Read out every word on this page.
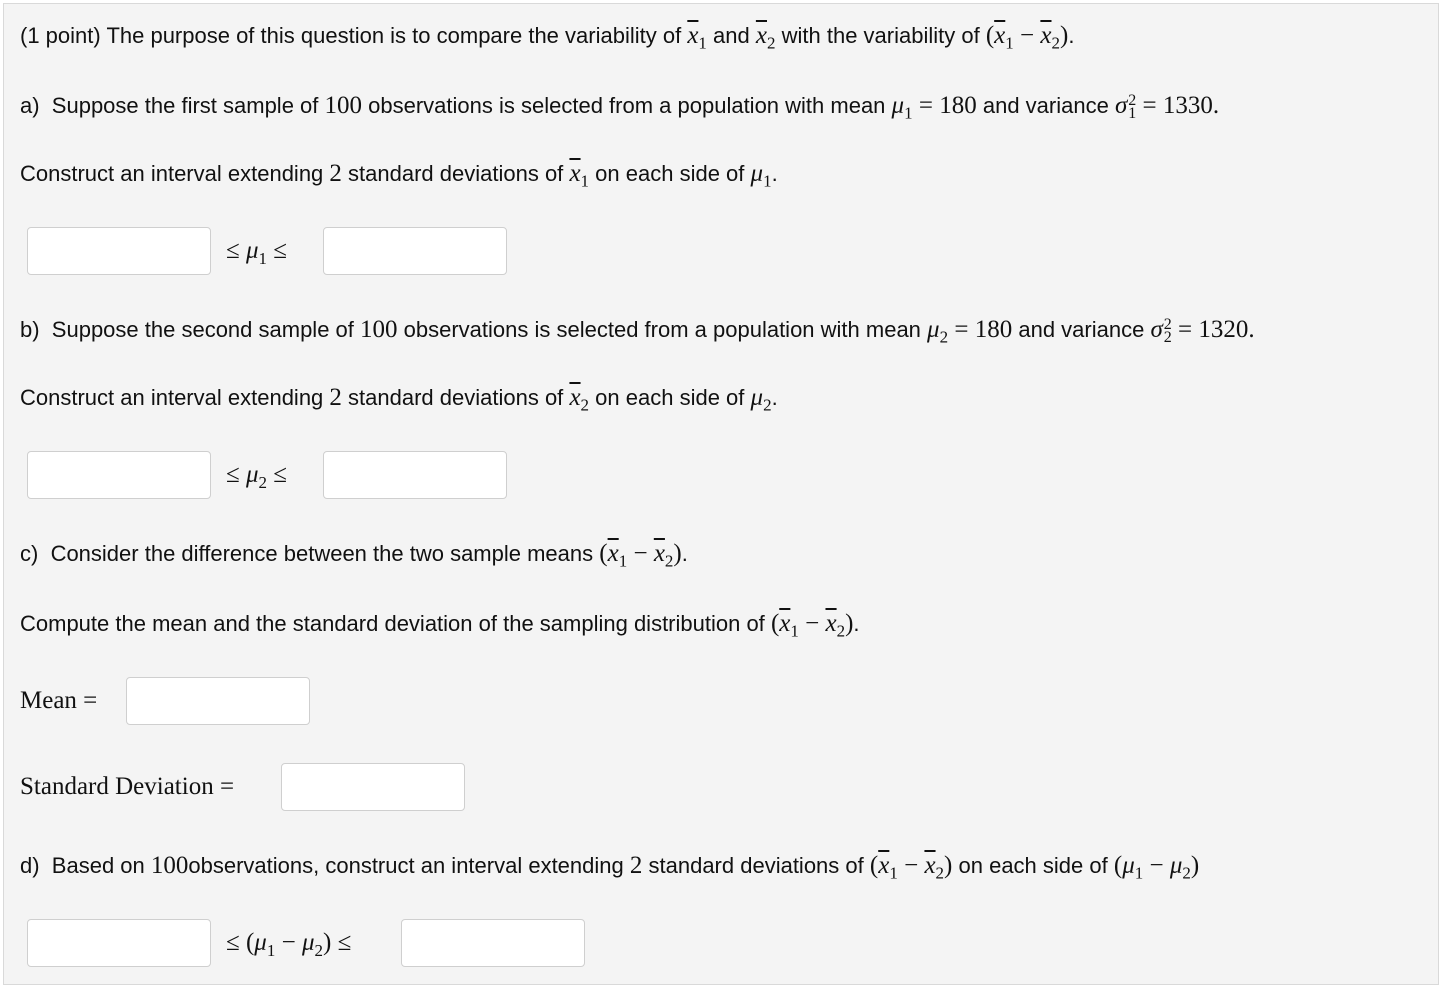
(1 point) The purpose of this question is to compare the variability of $\overline{x}_1$ and $\overline{x}_2$ with the variability of $(\overline{x}_1 - \overline{x}_2)$.
a) Suppose the first sample of 100 observations is selected from a population with mean $\mu_1 = 180$ and variance σ 2
1 = 1330.
Construct an interval extending 2 standard deviations of $\overline{x}_1$ on each side of $\mu_1$.
≤ $\mu_1$ ≤
b) Suppose the second sample of 100 observations is selected from a population with mean $\mu_2 = 180$ and variance σ 2
2 = 1320.
Construct an interval extending 2 standard deviations of $\overline{x}_2$ on each side of $\mu_2$.
≤ $\mu_2$ ≤
c) Consider the difference between the two sample means $(\overline{x}_1 - \overline{x}_2)$.
Compute the mean and the standard deviation of the sampling distribution of $(\overline{x}_1 - \overline{x}_2)$.
Mean =
Standard Deviation =
d) Based on 100observations, construct an interval extending 2 standard deviations of $(\overline{x}_1 - \overline{x}_2)$ on each side of $(\mu_1 - \mu_2)$
≤ $(\mu_1 - \mu_2)$ ≤
